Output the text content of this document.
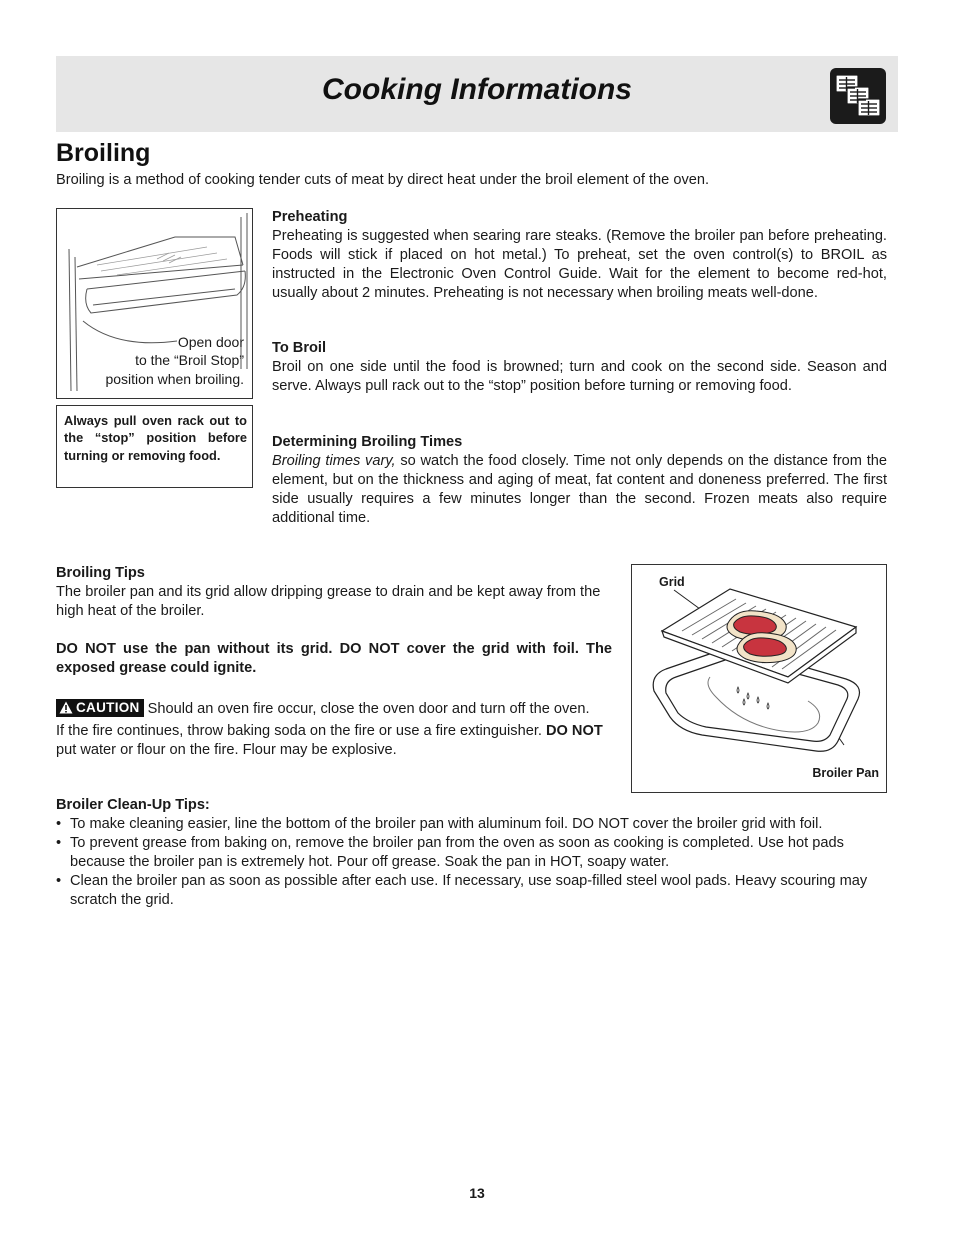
Cooking Informations
Broiling

Broiling is a method of cooking tender cuts of meat by direct heat under the broil element of the oven.

Open door
to the “Broil Stop”
position when broiling.

Always pull oven rack out to the “stop” position before turning or removing food.

Preheating

Preheating is suggested when searing rare steaks. (Remove the broiler pan before preheating. Foods will stick if placed on hot metal.) To preheat, set the oven control(s) to BROIL as instructed in the Electronic Oven Control Guide. Wait for the element to become red-hot, usually about 2 minutes. Preheating is not necessary when broiling meats well-done.

To Broil

Broil on one side until the food is browned; turn and cook on the second side. Season and serve. Always pull rack out to the “stop” position before turning or removing food.

Determining Broiling Times

Broiling times vary, so watch the food closely. Time not only depends on the distance from the element, but on the thickness and aging of meat, fat content and doneness preferred. The first side usually requires a few minutes longer than the second. Frozen meats also require additional time.

Broiling Tips

The broiler pan and its grid allow dripping grease to drain and be kept away from the high heat of the broiler.

DO NOT use the pan without its grid. DO NOT cover the grid with foil. The exposed grease could ignite.

CAUTION Should an oven fire occur, close the oven door and turn off the oven.
If the fire continues, throw baking soda on the fire or use a fire extinguisher. DO NOT
put water or flour on the fire. Flour may be explosive.
Grid
Broiler Pan
Broiler Clean-Up Tips:
• To make cleaning easier, line the bottom of the broiler pan with aluminum foil. DO NOT cover the broiler grid with foil.
• To prevent grease from baking on, remove the broiler pan from the oven as soon as cooking is completed. Use hot pads because the broiler pan is extremely hot. Pour off grease. Soak the pan in HOT, soapy water.
• Clean the broiler pan as soon as possible after each use. If necessary, use soap-filled steel wool pads. Heavy scouring may scratch the grid.
13
